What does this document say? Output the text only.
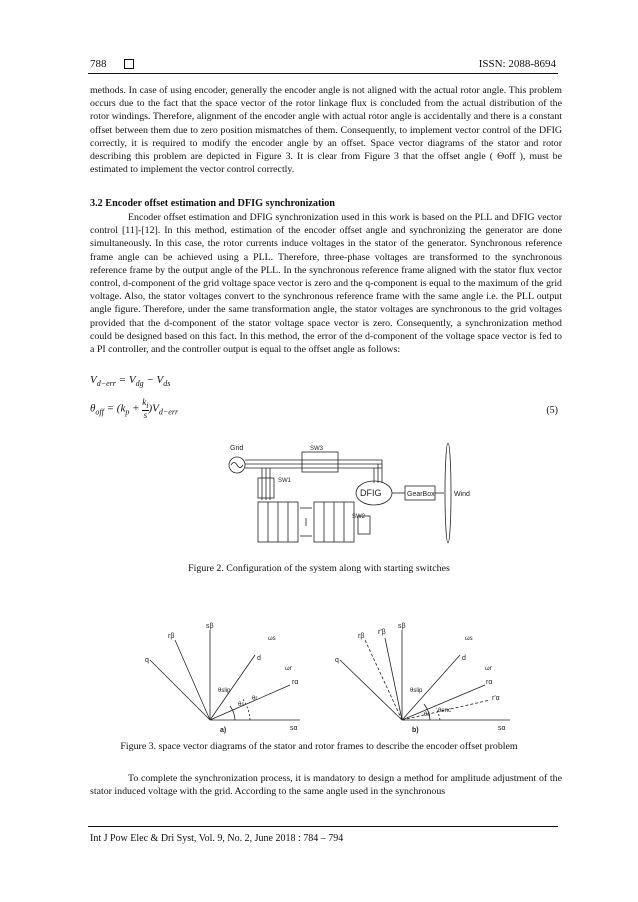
788	ISSN: 2088-8694

methods. In case of using encoder, generally the encoder angle is not aligned with the actual rotor angle. This problem occurs due to the fact that the space vector of the rotor linkage flux is concluded from the actual distribution of the rotor windings. Therefore, alignment of the encoder angle with actual rotor angle is accidentally and there is a constant offset between them due to zero position mismatches of them. Consequently, to implement vector control of the DFIG correctly, it is required to modify the encoder angle by an offset. Space vector diagrams of the stator and rotor describing this problem are depicted in Figure 3. It is clear from Figure 3 that the offset angle ( Θoff ), must be estimated to implement the vector control correctly.

3.2 Encoder offset estimation and DFIG synchronization

Encoder offset estimation and DFIG synchronization used in this work is based on the PLL and DFIG vector control [11]-[12]. In this method, estimation of the encoder offset angle and synchronizing the generator are done simultaneously. In this case, the rotor currents induce voltages in the stator of the generator. Synchronous reference frame angle can be achieved using a PLL. Therefore, three-phase voltages are transformed to the synchronous reference frame by the output angle of the PLL. In the synchronous reference frame aligned with the stator flux vector control, d-component of the grid voltage space vector is zero and the q-component is equal to the maximum of the grid voltage. Also, the stator voltages convert to the synchronous reference frame with the same angle i.e. the PLL output angle figure. Therefore, under the same transformation angle, the stator voltages are synchronous to the grid voltages provided that the d-component of the stator voltage space vector is zero. Consequently, a synchronization method could be designed based on this fact. In this method, the error of the d-component of the voltage space vector is fed to a PI controller, and the controller output is equal to the offset angle as follows:

$V_{d-err} = V_{dg} - V_{ds}$
$\theta_{off} = (k_p + \frac{k_i}{s} )V_{d-err}$	(5)
Grid	SW3
SW1
SW2
DFIG	GearBox	Wind
Figure 2. Configuration of the system along with starting switches
sβ
rβ
q	d
rα
sα
θs
θr
θslip
ωs
ωr
a)
sβ
rβ
r'β
q	d
rα
r'α
sα
θs
θenc
θslip
ωs
ωr
b)
Figure 3. space vector diagrams of the stator and rotor frames to describe the encoder offset problem

To complete the synchronization process, it is mandatory to design a method for amplitude adjustment of the stator induced voltage with the grid. According to the same angle used in the synchronous

Int J Pow Elec & Dri Syst, Vol. 9, No. 2, June 2018 : 784 – 794
